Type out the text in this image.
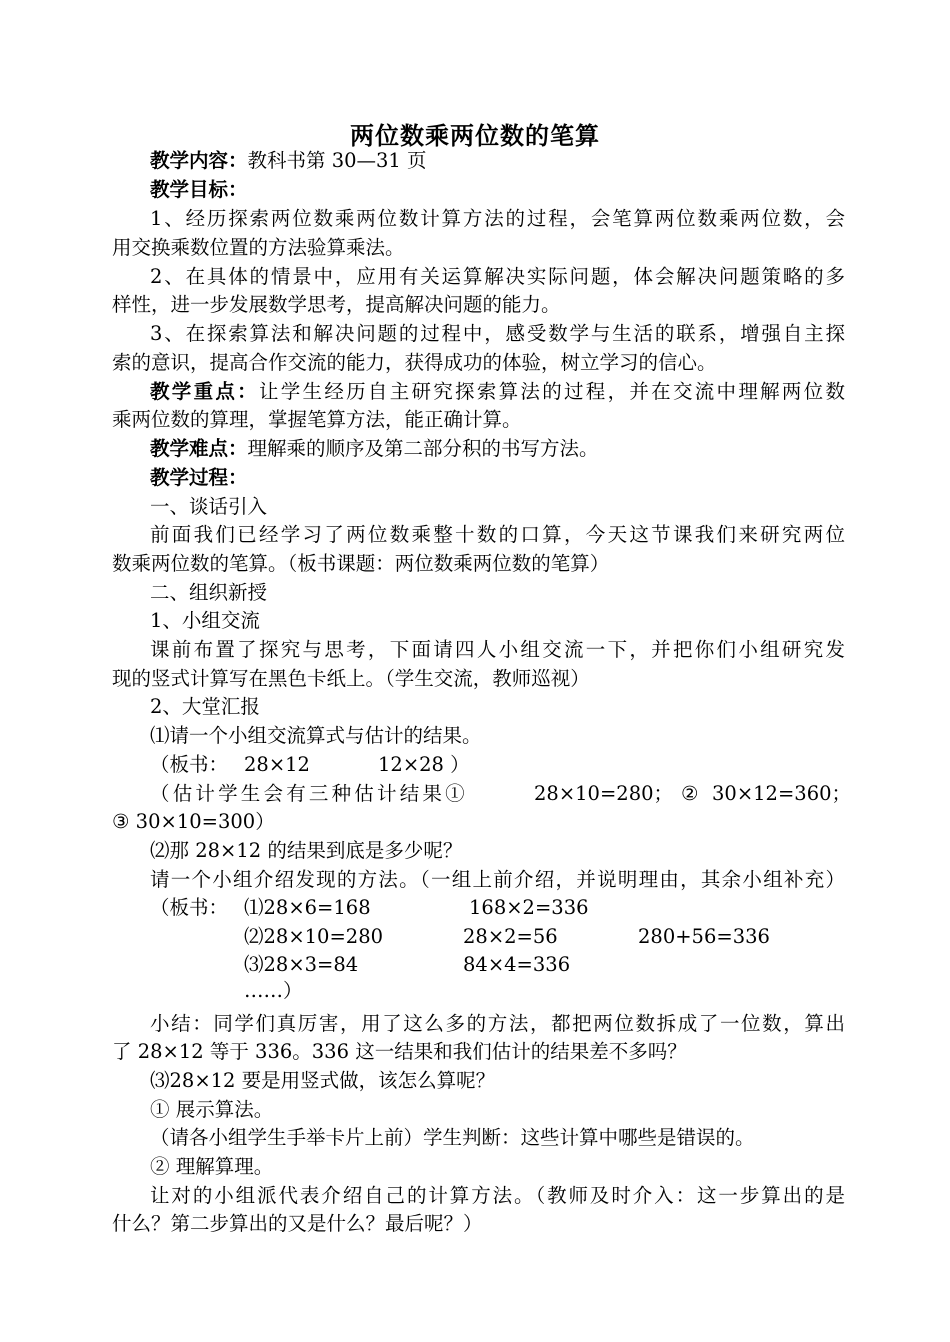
两位数乘两位数的笔算
教学内容：教科书第 30—31 页
教学目标：
1、经历探索两位数乘两位数计算方法的过程，会笔算两位数乘两位数，会
用交换乘数位置的方法验算乘法。
2、在具体的情景中，应用有关运算解决实际问题，体会解决问题策略的多
样性，进一步发展数学思考，提高解决问题的能力。
3、在探索算法和解决问题的过程中，感受数学与生活的联系，增强自主探
索的意识，提高合作交流的能力，获得成功的体验，树立学习的信心。
教学重点：让学生经历自主研究探索算法的过程，并在交流中理解两位数
乘两位数的算理，掌握笔算方法，能正确计算。
教学难点：理解乘的顺序及第二部分积的书写方法。
教学过程：
一、谈话引入
前面我们已经学习了两位数乘整十数的口算，今天这节课我们来研究两位
数乘两位数的笔算。（板书课题：两位数乘两位数的笔算）
二、组织新授
1、小组交流
课前布置了探究与思考，下面请四人小组交流一下，并把你们小组研究发
现的竖式计算写在黑色卡纸上。（学生交流，教师巡视）
2、大堂汇报
⑴请一个小组交流算式与估计的结果。
（板书： 28×12	12×28 ）
（估计学生会有三种估计结果①	28×10=280； ② 30×12=360；
③ 30×10=300）
⑵那 28×12 的结果到底是多少呢？
请一个小组介绍发现的方法。（一组上前介绍，并说明理由，其余小组补充）
（板书： ⑴28×6=168	168×2=336
⑵28×10=280	28×2=56	280+56=336
⑶28×3=84	84×4=336
……）
小结：同学们真厉害，用了这么多的方法，都把两位数拆成了一位数，算出
了 28×12 等于 336。336 这一结果和我们估计的结果差不多吗？
⑶28×12 要是用竖式做，该怎么算呢？
① 展示算法。
（请各小组学生手举卡片上前）学生判断：这些计算中哪些是错误的。
② 理解算理。
让对的小组派代表介绍自己的计算方法。（教师及时介入：这一步算出的是
什么？第二步算出的又是什么？最后呢？）
